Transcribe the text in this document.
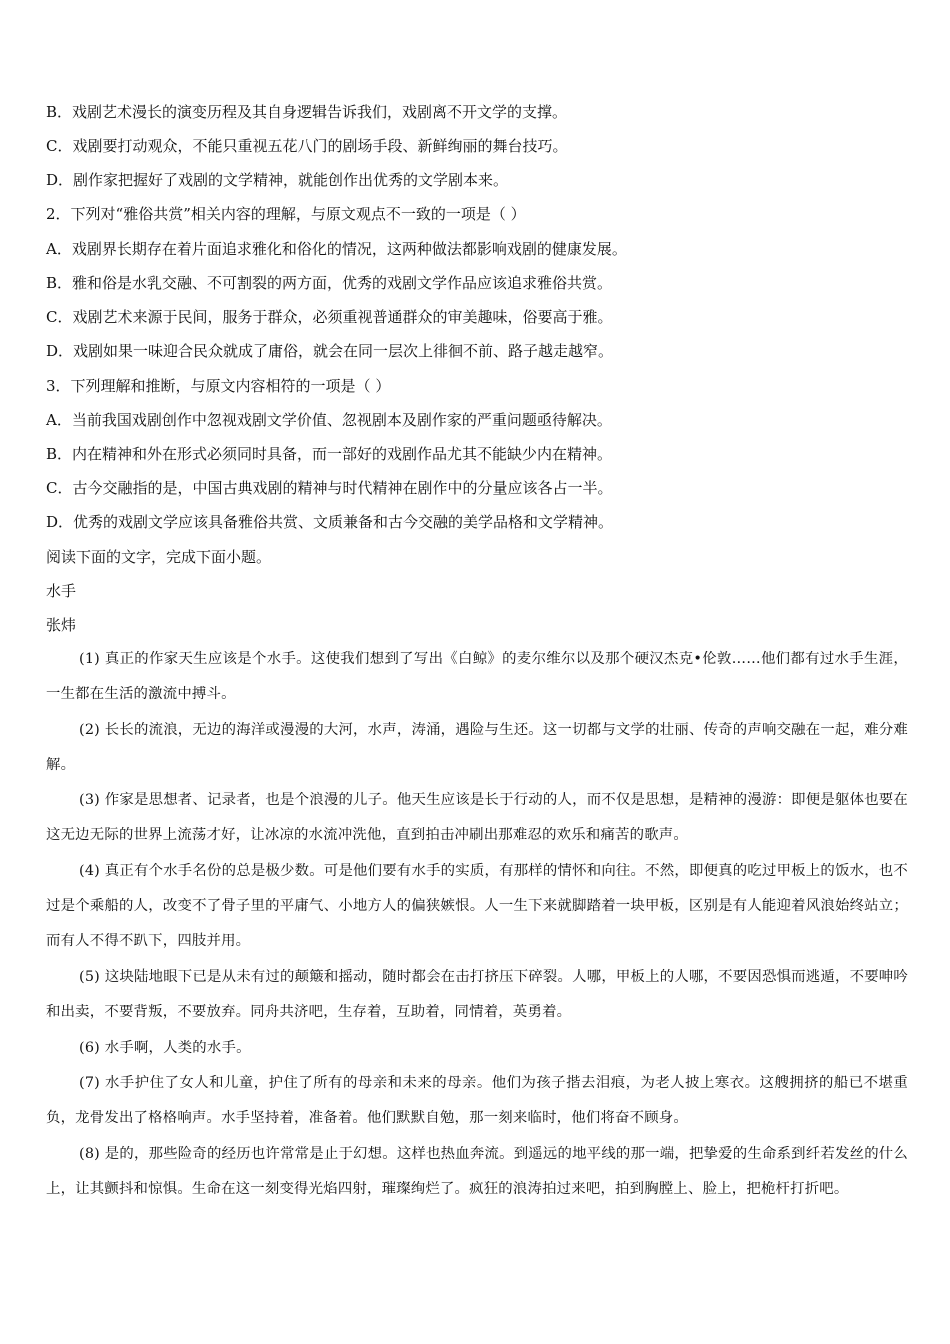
B．戏剧艺术漫长的演变历程及其自身逻辑告诉我们，戏剧离不开文学的支撑。
C．戏剧要打动观众，不能只重视五花八门的剧场手段、新鲜绚丽的舞台技巧。
D．剧作家把握好了戏剧的文学精神，就能创作出优秀的文学剧本来。
2．下列对“雅俗共赏”相关内容的理解，与原文观点不一致的一项是（ ）
A．戏剧界长期存在着片面追求雅化和俗化的情况，这两种做法都影响戏剧的健康发展。
B．雅和俗是水乳交融、不可割裂的两方面，优秀的戏剧文学作品应该追求雅俗共赏。
C．戏剧艺术来源于民间，服务于群众，必须重视普通群众的审美趣味，俗要高于雅。
D．戏剧如果一味迎合民众就成了庸俗，就会在同一层次上徘徊不前、路子越走越窄。
3．下列理解和推断，与原文内容相符的一项是（ ）
A．当前我国戏剧创作中忽视戏剧文学价值、忽视剧本及剧作家的严重问题亟待解决。
B．内在精神和外在形式必须同时具备，而一部好的戏剧作品尤其不能缺少内在精神。
C．古今交融指的是，中国古典戏剧的精神与时代精神在剧作中的分量应该各占一半。
D．优秀的戏剧文学应该具备雅俗共赏、文质兼备和古今交融的美学品格和文学精神。
阅读下面的文字，完成下面小题。
水手
张炜
(1) 真正的作家天生应该是个水手。这使我们想到了写出《白鲸》的麦尔维尔以及那个硬汉杰克•伦敦……他们都有过水手生涯，一生都在生活的激流中搏斗。
(2) 长长的流浪，无边的海洋或漫漫的大河，水声，涛涌，遇险与生还。这一切都与文学的壮丽、传奇的声响交融在一起，难分难解。
(3) 作家是思想者、记录者，也是个浪漫的儿子。他天生应该是长于行动的人，而不仅是思想，是精神的漫游：即便是躯体也要在这无边无际的世界上流荡才好，让冰凉的水流冲洗他，直到拍击冲刷出那难忍的欢乐和痛苦的歌声。
(4) 真正有个水手名份的总是极少数。可是他们要有水手的实质，有那样的情怀和向往。不然，即便真的吃过甲板上的饭水，也不过是个乘船的人，改变不了骨子里的平庸气、小地方人的偏狭嫉恨。人一生下来就脚踏着一块甲板，区别是有人能迎着风浪始终站立；而有人不得不趴下，四肢并用。
(5) 这块陆地眼下已是从未有过的颠簸和摇动，随时都会在击打挤压下碎裂。人哪，甲板上的人哪，不要因恐惧而逃遁，不要呻吟和出卖，不要背叛，不要放弃。同舟共济吧，生存着，互助着，同情着，英勇着。
(6) 水手啊，人类的水手。
(7) 水手护住了女人和儿童，护住了所有的母亲和未来的母亲。他们为孩子揩去泪痕，为老人披上寒衣。这艘拥挤的船已不堪重负，龙骨发出了格格响声。水手坚持着，准备着。他们默默自勉，那一刻来临时，他们将奋不顾身。
(8) 是的，那些险奇的经历也许常常是止于幻想。这样也热血奔流。到遥远的地平线的那一端，把挚爱的生命系到纤若发丝的什么上，让其颤抖和惊惧。生命在这一刻变得光焰四射，璀璨绚烂了。疯狂的浪涛拍过来吧，拍到胸膛上、脸上，把桅杆打折吧。
